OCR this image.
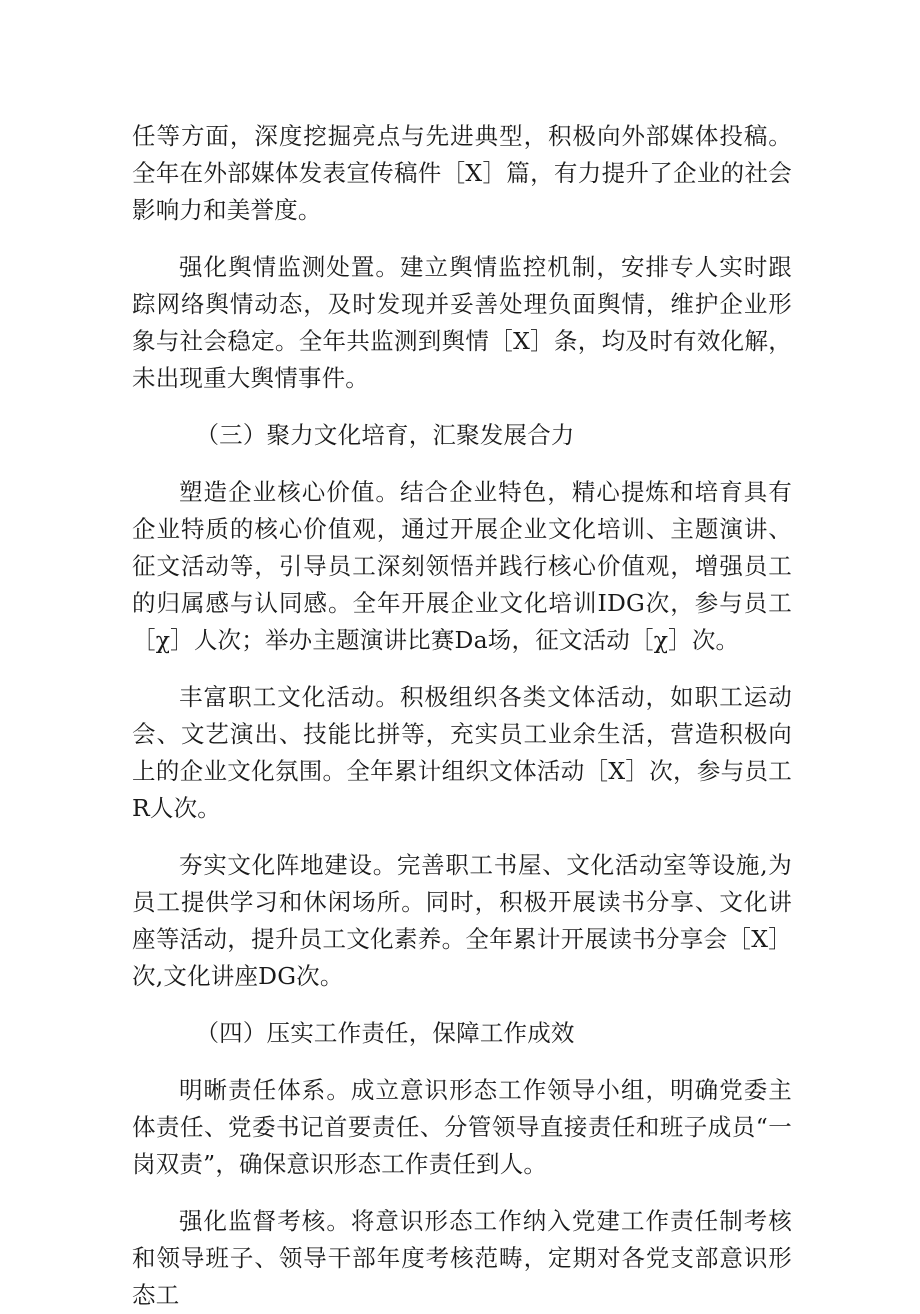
任等方面，深度挖掘亮点与先进典型，积极向外部媒体投稿。全年在外部媒体发表宣传稿件［X］篇，有力提升了企业的社会影响力和美誉度。

强化舆情监测处置。建立舆情监控机制，安排专人实时跟踪网络舆情动态，及时发现并妥善处理负面舆情，维护企业形象与社会稳定。全年共监测到舆情［X］条，均及时有效化解，未出现重大舆情事件。

（三）聚力文化培育，汇聚发展合力

塑造企业核心价值。结合企业特色，精心提炼和培育具有企业特质的核心价值观，通过开展企业文化培训、主题演讲、征文活动等，引导员工深刻领悟并践行核心价值观，增强员工的归属感与认同感。全年开展企业文化培训IDG次，参与员工［χ］人次；举办主题演讲比赛Da场，征文活动［χ］次。

丰富职工文化活动。积极组织各类文体活动，如职工运动会、文艺演出、技能比拼等，充实员工业余生活，营造积极向上的企业文化氛围。全年累计组织文体活动［X］次，参与员工R人次。

夯实文化阵地建设。完善职工书屋、文化活动室等设施,为员工提供学习和休闲场所。同时，积极开展读书分享、文化讲座等活动，提升员工文化素养。全年累计开展读书分享会［X］次,文化讲座DG次。

（四）压实工作责任，保障工作成效

明晰责任体系。成立意识形态工作领导小组，明确党委主体责任、党委书记首要责任、分管领导直接责任和班子成员“一岗双责”，确保意识形态工作责任到人。

强化监督考核。将意识形态工作纳入党建工作责任制考核和领导班子、领导干部年度考核范畴，定期对各党支部意识形态工
